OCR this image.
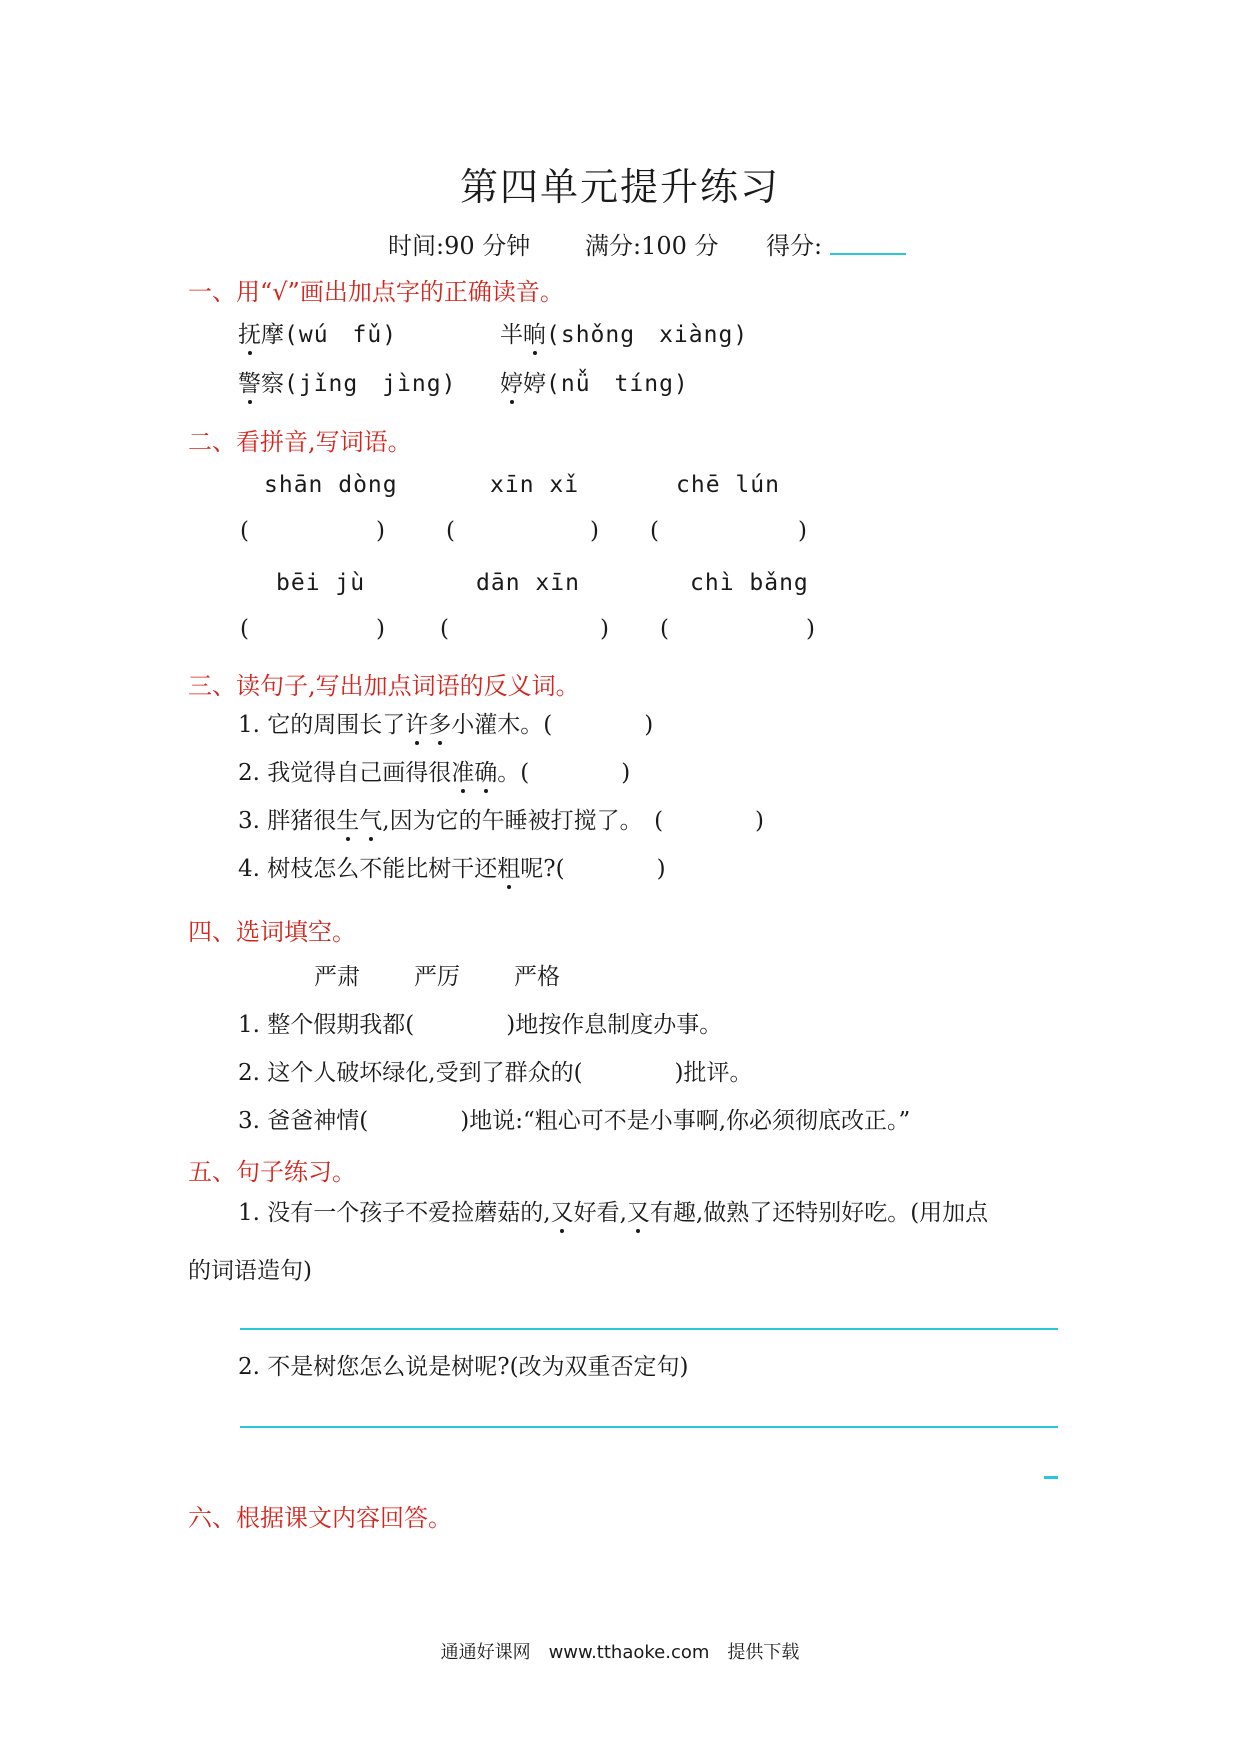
第四单元提升练习
时间:90 分钟 满分:100 分 得分:
一、用“√”画出加点字的正确读音。
抚摩(wú　fǔ)	半晌(shǒng　xiàng)
警察(jǐng　jìng) 婷婷(nǚ　tíng)
二、看拼音,写词语。
shān dòng	xīn xǐ	chē lún
(	)	(	) (	)
bēi jù	dān xīn	chì bǎng
(	) (	) (	)
三、读句子,写出加点词语的反义词。
1. 它的周围长了许多小灌木。(　　　　)
2. 我觉得自己画得很准确。(　　　　)
3. 胖猪很生气,因为它的午睡被打搅了。　(　　　　)
4. 树枝怎么不能比树干还粗呢?(　　　　)
四、选词填空。
严肃 严厉 严格
1. 整个假期我都(　　　　)地按作息制度办事。
2. 这个人破坏绿化,受到了群众的(　　　　)批评。
3. 爸爸神情(　　　　)地说:“粗心可不是小事啊,你必须彻底改正。”
五、句子练习。
1. 没有一个孩子不爱捡蘑菇的,又好看,又有趣,做熟了还特别好吃。(用加点
的词语造句)
2. 不是树您怎么说是树呢?(改为双重否定句)
六、根据课文内容回答。
通通好课网　www.tthaoke.com　提供下载
